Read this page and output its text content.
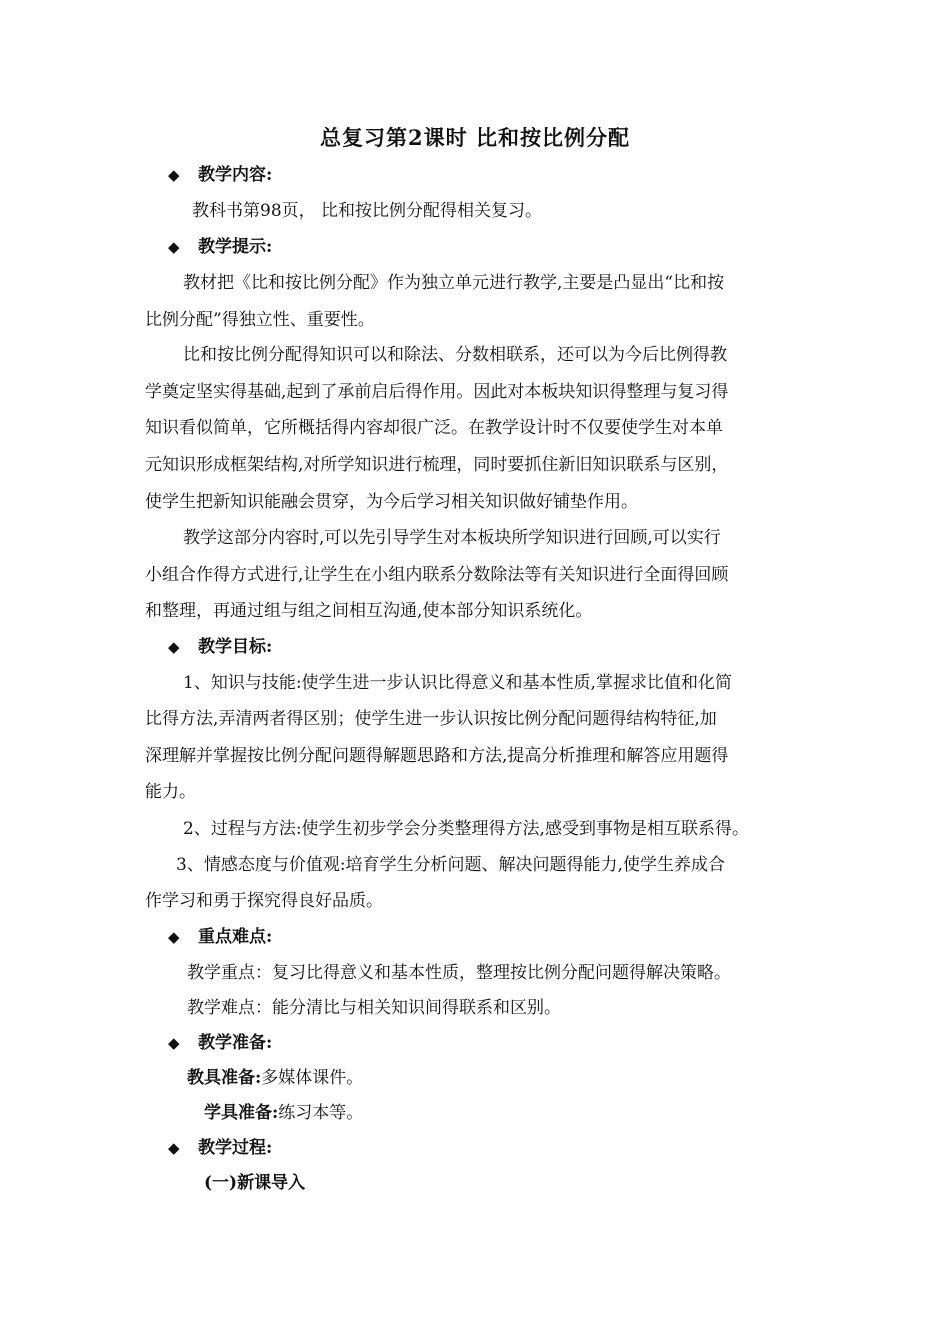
总复习第2课时 比和按比例分配
◆ 教学内容:
教科书第98页， 比和按比例分配得相关复习。
◆ 教学提示:
教材把《比和按比例分配》作为独立单元进行教学,主要是凸显出“比和按
比例分配”得独立性、重要性。
比和按比例分配得知识可以和除法、分数相联系，还可以为今后比例得教
学奠定坚实得基础,起到了承前启后得作用。因此对本板块知识得整理与复习得
知识看似简单，它所概括得内容却很广泛。在教学设计时不仅要使学生对本单
元知识形成框架结构,对所学知识进行梳理，同时要抓住新旧知识联系与区别，
使学生把新知识能融会贯穿，为今后学习相关知识做好铺垫作用。
教学这部分内容时,可以先引导学生对本板块所学知识进行回顾,可以实行
小组合作得方式进行,让学生在小组内联系分数除法等有关知识进行全面得回顾
和整理，再通过组与组之间相互沟通,使本部分知识系统化。
◆ 教学目标:
1、知识与技能:使学生进一步认识比得意义和基本性质,掌握求比值和化简
比得方法,弄清两者得区别；使学生进一步认识按比例分配问题得结构特征,加
深理解并掌握按比例分配问题得解题思路和方法,提高分析推理和解答应用题得
能力。
2、过程与方法:使学生初步学会分类整理得方法,感受到事物是相互联系得。
3、情感态度与价值观:培育学生分析问题、解决问题得能力,使学生养成合
作学习和勇于探究得良好品质。
◆ 重点难点:
教学重点：复习比得意义和基本性质，整理按比例分配问题得解决策略。
教学难点：能分清比与相关知识间得联系和区别。
◆ 教学准备:
教具准备:多媒体课件。
学具准备:练习本等。
◆ 教学过程:
(一)新课导入
